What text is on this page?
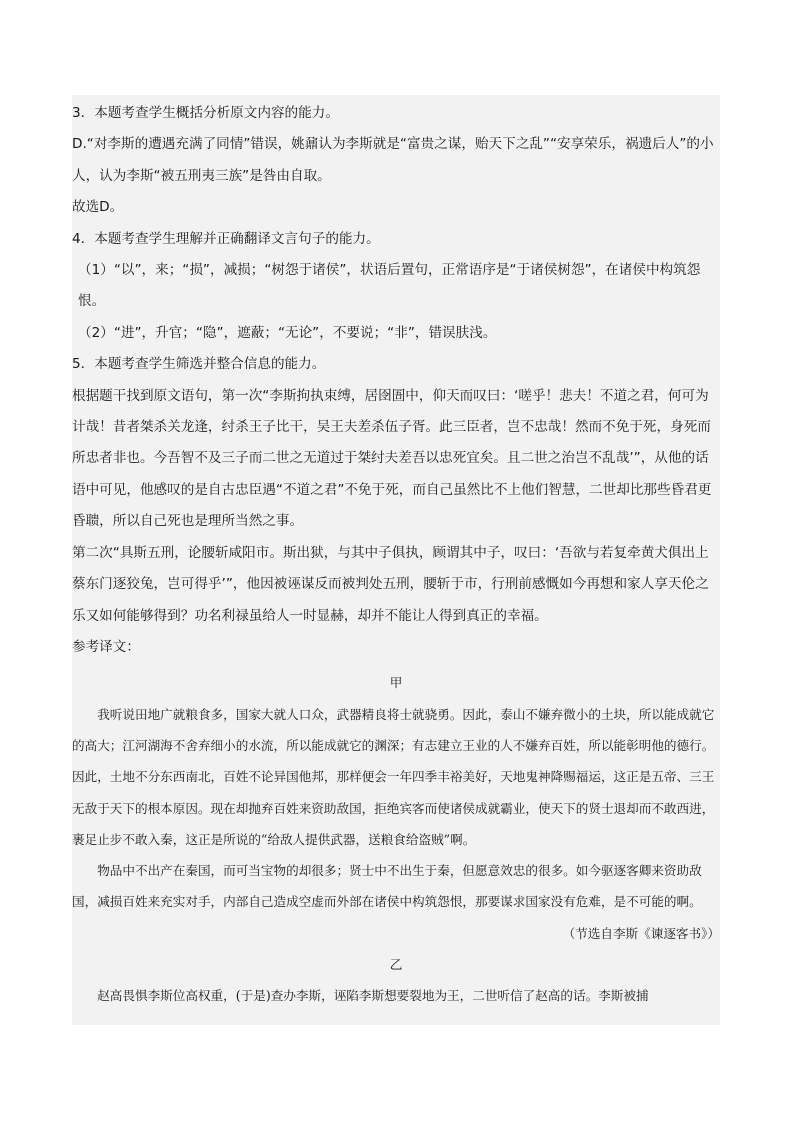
3．本题考查学生概括分析原文内容的能力。

D.“对李斯的遭遇充满了同情”错误，姚鼐认为李斯就是“富贵之谋，贻天下之乱”“安享荣乐，祸遗后人”的小人，认为李斯“被五刑夷三族”是咎由自取。

故选D。

4．本题考查学生理解并正确翻译文言句子的能力。

（1）“以”，来；“损”，减损；“树怨于诸侯”，状语后置句，正常语序是“于诸侯树怨”，在诸侯中构筑怨恨。

（2）“进”，升官；“隐”，遮蔽；“无论”，不要说；“非”，错误肤浅。

5．本题考查学生筛选并整合信息的能力。

根据题干找到原文语句，第一次“李斯拘执束缚，居囹圄中，仰天而叹曰：‘嗟乎！悲夫！不道之君，何可为计哉！昔者桀杀关龙逢，纣杀王子比干，吴王夫差杀伍子胥。此三臣者，岂不忠哉！然而不免于死，身死而所忠者非也。今吾智不及三子而二世之无道过于桀纣夫差吾以忠死宜矣。且二世之治岂不乱哉’”，从他的话语中可见，他感叹的是自古忠臣遇“不道之君”不免于死，而自己虽然比不上他们智慧，二世却比那些昏君更昏聩，所以自己死也是理所当然之事。

第二次“具斯五刑，论腰斩咸阳市。斯出狱，与其中子俱执，顾谓其中子，叹曰：‘吾欲与若复牵黄犬俱出上蔡东门逐狡兔，岂可得乎’”，他因被诬谋反而被判处五刑，腰斩于市，行刑前感慨如今再想和家人享天伦之乐又如何能够得到？功名利禄虽给人一时显赫，却并不能让人得到真正的幸福。

参考译文：

甲

我听说田地广就粮食多，国家大就人口众，武器精良将士就骁勇。因此，泰山不嫌弃微小的土块，所以能成就它的高大；江河湖海不舍弃细小的水流，所以能成就它的渊深；有志建立王业的人不嫌弃百姓，所以能彰明他的德行。因此，土地不分东西南北，百姓不论异国他邦，那样便会一年四季丰裕美好，天地鬼神降赐福运，这正是五帝、三王无敌于天下的根本原因。现在却抛弃百姓来资助敌国，拒绝宾客而使诸侯成就霸业，使天下的贤士退却而不敢西进，裹足止步不敢入秦，这正是所说的“给敌人提供武器，送粮食给盗贼”啊。

物品中不出产在秦国，而可当宝物的却很多；贤士中不出生于秦，但愿意效忠的很多。如今驱逐客卿来资助敌国，减损百姓来充实对手，内部自己造成空虚而外部在诸侯中构筑怨恨，那要谋求国家没有危难，是不可能的啊。

（节选自李斯《谏逐客书》）

乙

赵高畏惧李斯位高权重，(于是)查办李斯，诬陷李斯想要裂地为王，二世听信了赵高的话。李斯被捕
